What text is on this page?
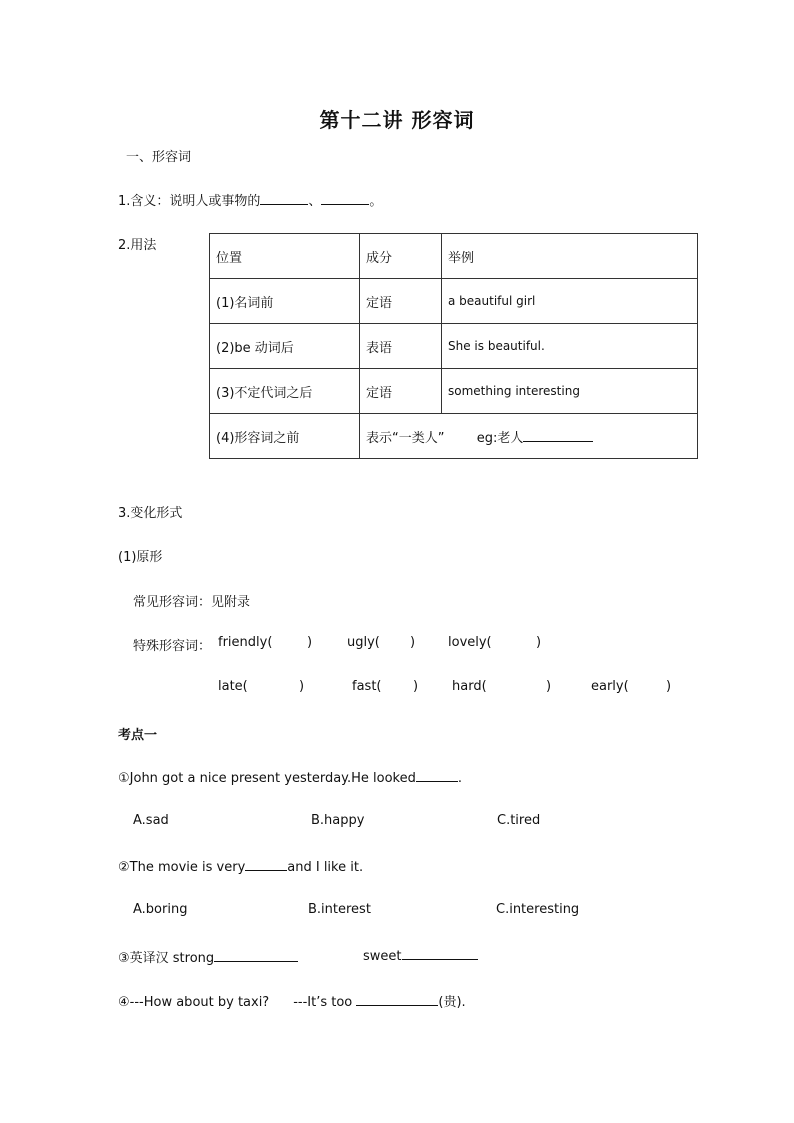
第十二讲 形容词
一、形容词
1.含义：说明人或事物的	、	。
2.用法
位置	成分	举例
(1)名词前	定语	a beautiful girl
(2)be 动词后	表语	She is beautiful.
(3)不定代词之后	定语	something interesting
(4)形容词之前	表示“一类人” eg:老人	
3.变化形式
(1)原形
常见形容词：见附录
特殊形容词： friendly(	)	ugly( )	lovely(	)
late(	)	fast( )	hard(	)	early(	)
考点一
①John got a nice present yesterday.He looked	.
A.sad	B.happy	C.tired
②The movie is very	and I like it.
A.boring	B.interest	C.interesting
③英译汉 strong	sweet
④---How about by taxi? ---It’s too	(贵).
